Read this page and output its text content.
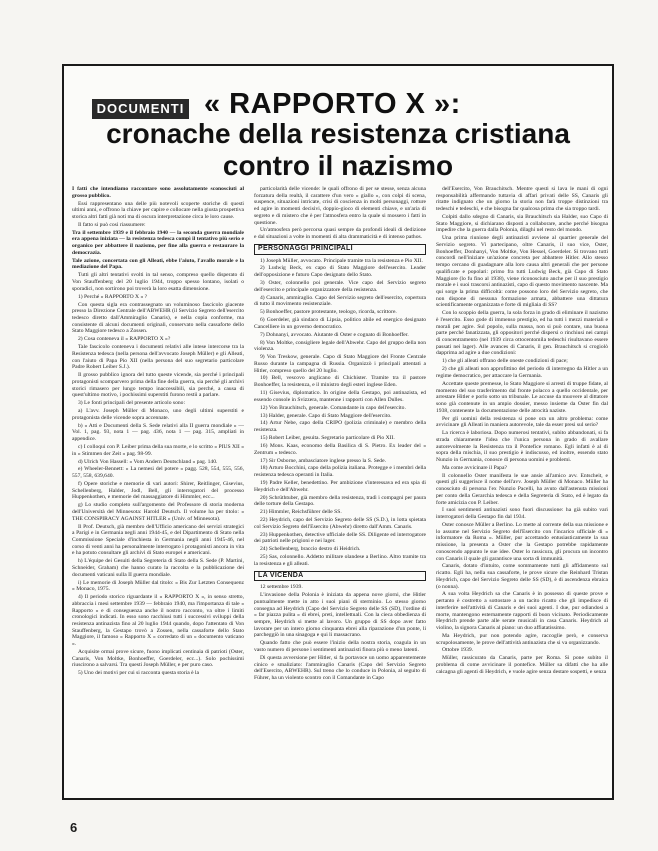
DOCUMENTI « RAPPORTO X »:
cronache della resistenza cristiana
contro il nazismo

I fatti che intendiamo raccontare sono assolutamente sconosciuti al grosso pubblico.

Essi rappresentano una delle più notevoli scoperte storiche di questi ultimi anni, e offrono la chiave per capire e collocare nella giusta prospettiva storica altri fatti già noti ma di oscura interpretazione circa le loro cause.

Il fatto si può così riassumere:

Tra il settembre 1939 e il febbraio 1940 — la seconda guerra mondiale era appena iniziata — la resistenza tedesca compì il tentativo più serio e organico per abbattere il nazismo, per fine alla guerra e restaurare la democrazia.

Tale azione, concertata con gli Alleati, ebbe l'aiuto, l'avallo morale e la mediazione del Papa.

Tutti gli altri tentativi svolti in tal senso, compreso quello disperato di Von Stauffenberg del 20 luglio 1944, troppo spesso lontano, isolati o sporadici, non sortirono poi troverà la loro esatta dimensione.

1) Perché « RAPPORTO X » ?

Con questa sigla era contrassegnato un voluminoso fascicolo giacente presso la Direzione Centrale dell'ABWEHR (il Servizio Segreto dell'esercito tedesco diretto dall'Ammiraglio Canaris), e nella copia conforme, ma consistente di alcuni documenti originali, conservato nella cassaforte dello Stato Maggiore tedesco a Zossen.

2) Cosa conteneva il « RAPPORTO X »?

Tale fascicolo conteneva i documenti relativi alle intese intercorse tra la Resistenza tedesca (nella persona dell'avvocato Joseph Müller) e gli Alleati, con l'aiuto di Papa Pio XII (nella persona del suo segretario particolare Padre Robert Leiber S.J.).

Il grosso pubblico ignora del tutto queste vicende, sia perché i principali protagonisti scomparvero prima della fine della guerra, sia perché gli archivi storici rimasero per lungo tempo inaccessibili, sia perché, a causa di quest'ultimo motivo, i pochissimi superstiti furono restii a parlare.

3) Le fonti principali del presente articolo sono:

a) L'avv. Joseph Müller di Monaco, uno degli ultimi superstiti e protagonista delle vicende sopra accennate.

b) « Atti e Documenti della S. Sede relativi alla II guerra mondiale » — Vol. 1, pag. 93, nota 1 — pag. 436, nota 1 — pag. 315, ampliati in appendice.

c) I colloqui con P. Leiber prima della sua morte, e lo scritto « PIUS XII » in « Stimmen der Zeit » pag. 98-99.

d) Ulrich Von Hassell: « Vom Andern Deutschland » pag. 140.

e) Wheeler-Bennett: « La nemesi del potere » pagg. 528, 554, 555, 556, 557, 558, 639,640.

f) Opere storiche e memorie di vari autori: Shirer, Reitlinger, Gisevius, Schellenberg, Halder, Jodl, Bell, gli interrogatori del processo Huppenkothen, e memorie del massaggiatore di Himmler, ecc...

g) Lo studio completo sull'argomento del Professore di storia moderna dell'Università del Minnesota: Harold Deutsch. Il volume ha per titolo: « THE CONSPIRACY AGAINST HITLER » (Univ. of Minnesota).

Il Prof. Deutsch, già membro dell'Ufficio americano dei servizi strategici a Parigi e in Germania negli anni 1944-45, e del Dipartimento di Stato nella Commissione Speciale d'inchiesta in Germania negli anni 1945-46, nel corso di venti anni ha personalmente interrogato i protagonisti ancora in vita e ha potuto consultare gli archivi di Stato europei e americani.

h) L'équipe dei Gesuiti della Segreteria di Stato della S. Sede (P. Martini, Schneider, Graham) che hanno curato la raccolta e la pubblicazione dei documenti vaticani sulla II guerra mondiale.

i) Le memorie di Joseph Müller dal titolo: « Bis Zur Letzten Consequenz » Monaco, 1975.

4) Il periodo storico riguardante il « RAPPORTO X », in senso stretto, abbraccia i mesi settembre 1939 — febbraio 1940, ma l'importanza di tale « Rapporto » e di conseguenza anche il nostro racconto, va oltre i limiti cronologici indicati. In esso sono racchiusi tutti i successivi sviluppi della resistenza antinazista fino al 20 luglio 1944 quando, dopo l'attentato di Von Stauffenberg, la Gestapo trovò a Zossen, nella cassaforte dello Stato Maggiore, il famoso « Rapporto X » corredato di un « documento vaticano ».

Acquisite ormai prove sicure, fuono implicati centinaia di patrioti (Oster, Canaris, Von Moltke, Bonhoeffer, Goerdeler, ecc...). Solo pochissimi riuscirono a salvarsi. Tra questi Joseph Müller, e per puro caso.

5) Uno dei motivi per cui si racconta questa storia è la

particolarità delle vicende: le quali offrono di per se stesse, senza alcuna forzatura della realtà, il carattere d'un vero « giallo », con colpi di scena, suspence, situazioni intricate, crisi di coscienza in molti personaggi, rotture ed agire in momenti decisivi, doppio-gioco di elementi chiave, e un'aria di segreto e di mistero che è per l'atmosfera entro la quale si mossero i fatti in questione.

Un'atmosfera però percorsa quasi sempre da profondi ideali di dedizione e dal situazioni a volte in momenti di alta drammaticità e di intenso pathos.

PERSONAGGI PRINCIPALI

1) Joseph Müller, avvocato. Principale tramite tra la resistenza e Pio XII.

2) Ludwig Beck, ex capo di Stato Maggiore dell'esercito. Leader dell'opposizione e futuro Capo designato dello Stato.

3) Oster, colonnello poi generale. Vice capo del Servizio segreto dell'esercito e principale organizzatore della resistenza.

4) Canaris, ammiraglio. Capo del Servizio segreto dell'esercito, copertura di tutto il movimento resistenziale.

5) Bonhoeffer, pastore protestante, teologo, ricorda, scrittore.

6) Goerdeler, già sindaco di Lipsia, politico abile ed energico designato Cancelliere in un governo democratico.

7) Dohnanyi, avvocato. Aiutante di Oster e cognato di Bonhoeffer.

8) Von Moltke, consigliere legale dell'Abwehr. Capo del gruppo della non violenza.

9) Von Treskow, generale. Capo di Stato Maggiore del Fronte Centrale Russo durante la campagna di Russia. Organizzò i principali attentati a Hitler, compreso quello del 20 luglio.

10) Bell, vescovo anglicano di Chichister. Tramite tra il pastore Bonhoeffer, la resistenza, e il ministro degli esteri inglese Eden.

11) Gisevius, diplomatico. In origine della Gestapo, poi antinazista, ed essendo console in Svizzera, mantenne i rapporti con Allen Dulles.

12) Von Brauchitsch, generale. Comandante in capo dell'esercito.

13) Halder, generale. Capo di Stato Maggiore dell'esercito.

14) Artur Nebe, capo della CRIPO (polizia criminale) e membro della resistenza.

15) Robert Leiber, gesuita. Segretario particolare di Pio XII.

16) Mons. Kaas, economo della Basilica di S. Pietro. Ex leader del « Zentrum » tedesco.

17) Sir Osborne, ambasciatore inglese presso la S. Sede.

18) Arturo Bocchini, capo della polizia italiana. Protegge e i membri della resistenza tedesca operanti in Italia.

19) Padre Keller, benedettino. Per ambizione s'interessava ed era spia di Heydrich e dell'Abwehr.

20) Schrüthtuber, già membro della resistenza, tradì i compagni per paura delle torture della Gestapo.

21) Himmler, Reichsführer delle SS.

22) Heydrich, capo del Servizio Segreto delle SS (S.D.), in lotta spietata col Servizio Segreto dell'Esercito (Abwehr) diretto dall'Amm. Canaris.

23) Huppenkothen, detective ufficiale delle SS. Diligente ed interrogatore dei patrioti nelle prigioni e nei lager.

24) Schellenberg, braccio destro di Heidrich.

25) Sas, colonnello. Addetto militare olandese a Berlino. Altro tramite tra la resistenza e gli alleati.

LA VICENDA

12 settembre 1939.

L'invasione della Polonia è iniziata da appena nove giorni, che Hitler puntualmente mette in atto i suoi piani di sterminio. Lo stesso giorno consegna ad Heydrich (Capo del Servizio Segreto delle SS (SD), l'ordine di « far piazza pulita » di ebrei, preti, intellettuali. Con la cieca obbedienza di sempre, Heydrich si mette al lavoro. Un gruppo di SS dopo aver fatto lavorare per un intero giorno cinquanta ebrei alla riparazione d'un ponte, li parcheggiò in una sinagoga e qui li massacrano.

Quando fatto che può essere l'inizio della nostra storia, coagula in un vasto numero di persone i sentimenti antinazisti finora più o meno latenti.

Di questa avversione per Hitler, si fa portavoce un uomo apparentemente cinico e smaliziato: l'ammiraglio Canaris (Capo del Servizio Segreto dell'Esercito, ABWEHR). Sul treno che lo conduce in Polonia, al seguito di Führer, ha un violento scontro con il Comandante in Capo

dell'Esercito, Von Brauchitsch. Mentre questi si lava le mani di ogni responsabilità affermando tuttavia di affari privati delle SS, Canaris gli ritatte indignato che un giorno la storia non farà troppe distinzioni tra tedeschi e tedeschi, e che bisogna far qualcosa prima che sia troppo tardi.

Colpiti dallo sdegno di Canaris, sia Brauchitsch sia Halder, suo Capo di Stato Maggiore, si dichiarano disposti a collaborare, anche perché bisogna impedire che la guerra dalla Polonia, dilaghi nel resto del mondo.

Una prima riunione degli antinazisti avviene al quartier generale del Servizio segreto. Vi partecipano, oltre Canaris, il suo vice, Oster, Bonhoeffer, Donhanyi, Von Moltke, Von Hessel, Goerdeler. Si trovano tutti concordi nell'iniziare un'azione concreta per abbattere Hitler. Allo stesso tempo cercano di guadagnare alla loro causa altri generali che per persone qualificate e popolari: primo fra tutti Ludwig Beck, già Capo di Stato Maggiore (lo fu fino al 1938), viene riconosciuto anche per il suo prestigio morale e i suoi trascorsi antinazisti, capo di questo movimento nascente. Ma qui sorge la prima difficoltà: come possono loro del Servizio segreto, che non dispone di nessuna formazione armata, abbattere una dittatura scientificamente organizzata e forte di migliaia di SS?

Con lo scoppio della guerra, la sola forza in grado di eliminare il nazismo è l'esercito. Esso gode di immenso prestigio, ed ha tutti i mezzi materiali e morali per agire. Sul popolo, sulla massa, non si può contare, una buona parte perché fanatizzata, gli oppositori perché dispersi o rinchiusi nei campi di concentramento (nel 1939 circa ottocentomila tedeschi risultavano essere passati nei lager). Alle avances di Canaris, il gen. Brauchitsch si crogiolò dapprima ad agire a due condizioni:

1) che gli alleati offrano delle oneste condizioni di pace;

2) che gli alleati non approfittino del periodo di interregno da Hitler a un regime democratico, per attaccare la Germania.

Accettate queste premesse, lo Stato Maggiore si arresti di truppe fidate, al momento del suo trasferimento dal fronte polacco a quello occidentale, per arrestare Hitler e porlo sotto un tribunale. Le accuse da muovere al dittatore sono già contenute in un ampio dossier, messo insieme da Oster fin dal 1938, contenente la documentazione delle atrocità naziste.

Per gli uomini della resistenza si pone ora un altro problema: come avvicinare gli Alleati in maniera autorevole, tale da esser presi sul serio?

La ricerca è laboriosa. Dopo numerosi tentativi, subito abbandonati, si fa strada chiaramente l'idea che l'unica persona in grado di avallare autorevolmente la Resistenza tra il Pontefice romano. Egli infatti è al di sopra della mischia, il suo prestigio è indiscusso, ed inoltre, essendo stato Nunzio in Germania, conosce di persona uomini e problemi.

Ma come avvicinare il Papa?

Il colonnello Oster manifesta le sue ansie all'amico avv. Entscheit, e questi gli suggerisce il nome dell'avv. Joseph Müller di Monaco. Müller ha conosciuto di persona l'ex Nunzio Pacelli, ha avuto dall'astenuta missioni per conto della Gerarchia tedesca e della Segreteria di Stato, ed è legato da forte amicizia con P. Leiber.

I suoi sentimenti antinazisti sono fuori discussione: ha già subito vari interrogatori della Gestapo fin dal 1934.

Oster conosce Müller a Berlino. Lo mette al corrente della sua missione e lo assume nel Servizio Segreto dell'Esercito con l'incarico ufficiale di « informatore da Roma ». Müller, pur accettando entusiasticamente la sua missione, la presenta a Oster che la Gestapo potrebbe rapidamente conoscendo appunto le sue idee. Oster lo rassicura, gli procura un incontro con Canaris il quale gli garantisce una sorta di immunità.

Canaris, dotato d'intuito, come sommamente tutti gli affidamento sul ricatto. Egli ha, nella sua cassaforte, le prove sicure che Reinhard Tristan Heydrich, capo del Servizio Segreto delle SS (SD), è di ascendenza ebraica (o nonna).

A sua volta Heydrich sa che Canaris è in possesso di queste prove e pertanto è costretto a sottostare a un tacito ricatto che gli impedisce di interferire nell'attività di Canaris e dei suoi agenti. I due, pur odiandosi a morte, mantengono esternamente rapporti di buon vicinato. Periodicamente Heydrich prende parte alle serate musicali in casa Canaris. Heydrich al violino, la signora Canaris al piano: un duo affiatatissimo.

Ma Heydrich, pur non potendo agire, raccoglie però, e conserva scrupolosamente, le prove dell'attività antinazista che si va organizzando.

Ottobre 1939.

Müller, rassicurato da Canaris, parte per Roma. Si pone subito il problema di come avvicinare il pontefice. Müller sa difatti che ha alle calcagna gli agenti di Heydrich, e vuole agire senza destare sospetti, e senza

6
